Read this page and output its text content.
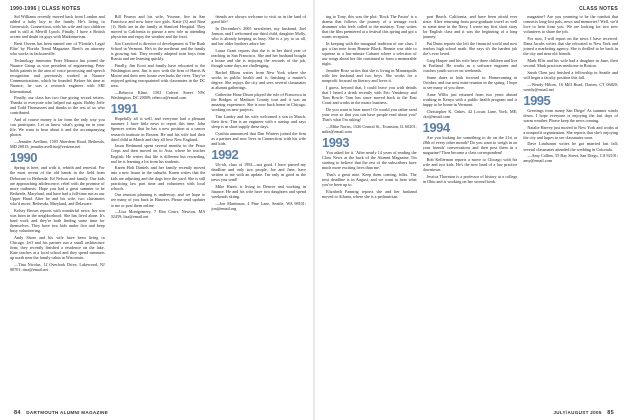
1990-1996 | CLASS NOTES

Sid Williams recently moved back from London and added a baby boy to the family. He's living in Greenwich, Connecticut, with his wife and two children and is still at Merrill Lynch. Finally, I have a British accent and doubt its guys with Madonna-ism.

Brett Owens has been named one of 'Florida's Legal Elite' by Florida Trend Magazine. Brett's an attorney who works in Jacksonville.

Technology innovator Peter Monaco has joined the Nuance Group as vice president of engineering. Peter holds patents in the area of voice processing and speech recognition and previously worked at Nuance Communications, which he founded. Before his time at Nuance, he was a research engineer with SRI International.

Finally, our class has two fine giving record setters. Thanks to everyone who helped out again. Bobby Jeffe and Todd Thomassen and thanks to the rest of us who contributed.

And of course money is far from the only way you can participate. Let us know what's going on in your life. We want to hear about it and the accompanying photos.

—Jennifer Avellino, 1505 Aberdeen Road, Bethesda, MD 20815; jennifer.avellino@verizon.net

1990

Spring is here, and with it, rebirth and renewal. For the most recent of the old hands in the field from Delaware to Bethesda: Ed Nelson and family. Our kids are approaching adolescence, rebel with the promise of more outbursts. Hope you had a great summer to be Bethesda, Maryland, and have had a full-time run as our Upper Hand. After he and his wife, two classmates who'd move, Bethesda, Maryland, and Delaware.

Kelsey Brown reports with wonderful news: her son was born in the neighborhood. She has lived alone. It's hard work and they're both finding some time for themselves. They have two kids under five and keep busy volunteering.

Andy Shore and his wife have been living in Chicago. Jeff and his partner run a small architecture firm; they recently finished a residence on the lake. Kate teaches at a local school and they spend summers up north near the family cabin in Wisconsin.

—Tina Nicolas, 12 Overlook Drive, Lakewood, NJ 08701; tina@email.net

Bill Fearon and his wife, Yvonne, live in San Francisco and now have two girls, Katie (3) and Nina (1). Both are in the family at Stanford Hospital. They moved to California to pursue a new role as attending physician and enjoy the weather and the food.

Jim Crawford is director of development at The Rush School in Vermont. He's in the northeast and the family is growing fast. They recently adopted twin boys from Russia and are learning quickly.

Finally, Jim Ecott and family have relocated to the Washington area. Jim is now with the firm of Harris & Moore and their new house overlooks the river. They've enjoyed getting reacquainted with classmates in the DC area.

—Rebecca Kline, 1502 Calvert Street NW, Washington, DC 20009; rebecca@email.com

1991

Hopefully all is well, and everyone had a pleasant summer. I have little news to report this time. John Spencer writes that he has a new position at a cancer research institute in Boston. He and his wife had their third child in March and they all love New England.

Jason Redmond spent several months in the Peace Corps and then moved on to Asia, where he teaches English. He writes that life is different but rewarding, and he is learning a lot from his students.

Karen Holt Daniels and her family recently moved into a new house in the suburbs. Karen writes that the kids are adjusting and the dogs love the yard. She is still practicing law part time and volunteers with local schools.

Our reunion planning is underway, and we hope to see many of you back in Hanover. Please send updates to me or post them online.

—Lisa Montgomery, 7 Elm Court, Newton, MA 02459; lisa@email.net

friends are always welcome to visit us in the land of good life!

In December's 2005 newsletter, my husband, Joel Janson, and I welcomed our third child, daughter Molly, who is already keeping us busy. She is a joy to us all, and her older brothers adore her.

Laura Grant reports that she is in her third year of teaching in San Francisco. She and her husband bought a house and she is enjoying the rewards of the job, though some days are challenging.

Rachel Elkins writes from New York where she works in public health and is finishing a master's degree. She enjoys the city and sees several classmates at alumni gatherings.

Catherine Hone Dixon played the role of Francesca in the Bridges of Madison County tour and it was an amazing experience. She is now back home in Chicago, working on new projects.

Tim Landry and his wife welcomed a son in March, their first. Tim is an engineer with a startup and says sleep is in short supply these days.

Cynthia announced that Dan Winters joined the firm as a partner and now lives in Connecticut with his wife and kids.

1992

Uh-oh, class of 1992—not good. I have passed my deadline and only two people, Joe and Jane, have written to me with an update. I'm only as good as the news you send!

Mike Harris is living in Denver and working in finance. He and his wife have two daughters and spend weekends skiing.

—Jon Martinson, 4 Pine Lane, Seattle, WA 98101; jon@email.org

84 DARTMOUTH ALUMNI MAGAZINE
CLASS NOTES

ing to Tony, this was the plot: 'Rock The Pastor' is a drama that follows the journey of a teenage rock drummer who feels called to the ministry. Tony writes that the film premiered at a festival this spring and got a warm reception.

In keeping with the inaugural tradition of our class, I got a fan note from Bonnie Black. Bonnie was able to squeeze in a last-minute Cabaret where a selection of our songs about her life continued to form a memorable night.

Jennifer Rose writes that she is living in Minneapolis with her husband and two boys. She works for a nonprofit focused on literacy and loves it.

I guess, beyond that, I could leave you with details that I heard a drink recently with Eric Vandenoy and Tom Bowle. Tom has since moved back to the East Coast and works in the music business.

Do you want to hear more? Or would you rather send your own so that you can have people read about you? That's what I'm asking!

—Mike Norris, 1526 Central St., Evanston, IL 60201; mike@email.com

1993

You asked for it. 'After nearly 14 years of reading the Class News at the back of the Alumni Magazine, I'm starting to believe that the rest of the subscribers have much more exciting lives than me.'

That's a great note. Keep them coming, folks. The next deadline is in August, and we want to hear what you've been up to.

Elizabeth Fanning reports she and her husband moved to Atlanta, where she is a pediatrician.

port Beach, California, and have been afraid ever since. After returning from post-graduate travel as well as some time in the Navy, I wrote my first short story for English class and it was the beginning of a long journey.

Pat Dunn reports she left the financial world and now teaches high school math. She says it's the hardest job she's ever loved.

Greg Harper and his wife have three children and live in Portland. He works as a software engineer and coaches youth soccer on weekends.

Some dates to look forward to: Homecoming in October, and our next mini-reunion in the spring. I hope to see many of you there.

Anne Willis just returned from two years abroad working in Kenya with a public health program and is happy to be home in Vermont.

Christopher K. Oakes, 42 Locust Lane, York, ME; cko@email.com

1994

Are you looking for something to do on the 21st or 28th of every other month? Do you want to weigh in on your friends' conversations and then post them in a magazine? Then become a class correspondent!

Rob Kellerman reports a move to Chicago with his wife and two kids. He's the new head of a law practice downtown.

Jessica Thornton is a professor of history at a college in Ohio and is working on her second book.

magazine? Are you yearning to be the conduit that connects long-lost pals, news and memories? Well, we'd love to hear from you. We are looking for two new volunteers to share the job.

For now, I will report on the news I have received. Dana Jacobs writes that she relocated to New York and joined a marketing agency. She is thrilled to be back in the city and near old friends.

Mark Ellis and his wife had a daughter in June, their second. Mark practices medicine in Boston.

Sarah Chen just finished a fellowship in Seattle and will begin a faculty position this fall.

—Wendy Hilton, 18 Mill Road, Darien, CT 06820; wendy@email.net

1995

Greetings from sunny San Diego! As summer winds down, I hope everyone is enjoying the last days of warm weather. Please keep the news coming.

Natalie Harvey just moved to New York and works at a nonprofit organization. She reports that she's enjoying the city and hopes to see classmates soon.

Dave Lindstrom writes he got married last fall; several classmates attended the wedding in Colorado.

—Amy Collins, 55 Bay Street, San Diego, CA 92101; amy@email.com

JULY/AUGUST 2005 85
